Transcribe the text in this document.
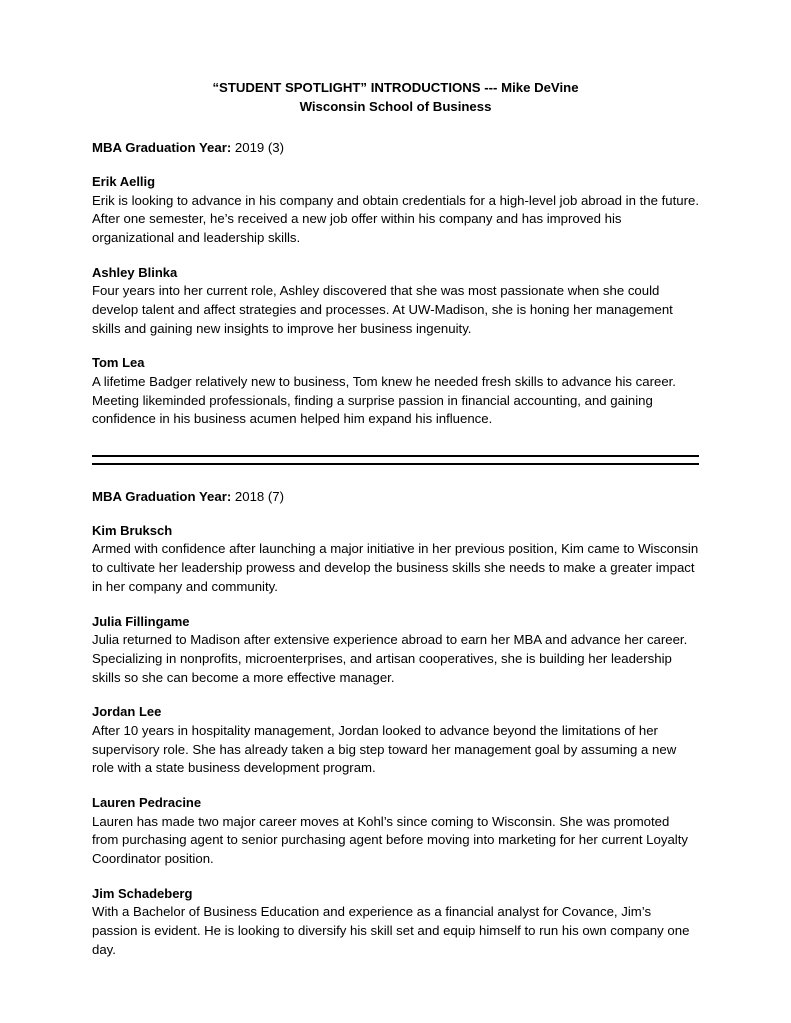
“STUDENT SPOTLIGHT” INTRODUCTIONS --- Mike DeVine
Wisconsin School of Business
MBA Graduation Year: 2019 (3)
Erik Aellig
Erik is looking to advance in his company and obtain credentials for a high-level job abroad in the future. After one semester, he’s received a new job offer within his company and has improved his organizational and leadership skills.
Ashley Blinka
Four years into her current role, Ashley discovered that she was most passionate when she could develop talent and affect strategies and processes. At UW-Madison, she is honing her management skills and gaining new insights to improve her business ingenuity.
Tom Lea
A lifetime Badger relatively new to business, Tom knew he needed fresh skills to advance his career. Meeting likeminded professionals, finding a surprise passion in financial accounting, and gaining confidence in his business acumen helped him expand his influence.
MBA Graduation Year: 2018 (7)
Kim Bruksch
Armed with confidence after launching a major initiative in her previous position, Kim came to Wisconsin to cultivate her leadership prowess and develop the business skills she needs to make a greater impact in her company and community.
Julia Fillingame
Julia returned to Madison after extensive experience abroad to earn her MBA and advance her career. Specializing in nonprofits, microenterprises, and artisan cooperatives, she is building her leadership skills so she can become a more effective manager.
Jordan Lee
After 10 years in hospitality management, Jordan looked to advance beyond the limitations of her supervisory role. She has already taken a big step toward her management goal by assuming a new role with a state business development program.
Lauren Pedracine
Lauren has made two major career moves at Kohl’s since coming to Wisconsin. She was promoted from purchasing agent to senior purchasing agent before moving into marketing for her current Loyalty Coordinator position.
Jim Schadeberg
With a Bachelor of Business Education and experience as a financial analyst for Covance, Jim’s passion is evident. He is looking to diversify his skill set and equip himself to run his own company one day.
